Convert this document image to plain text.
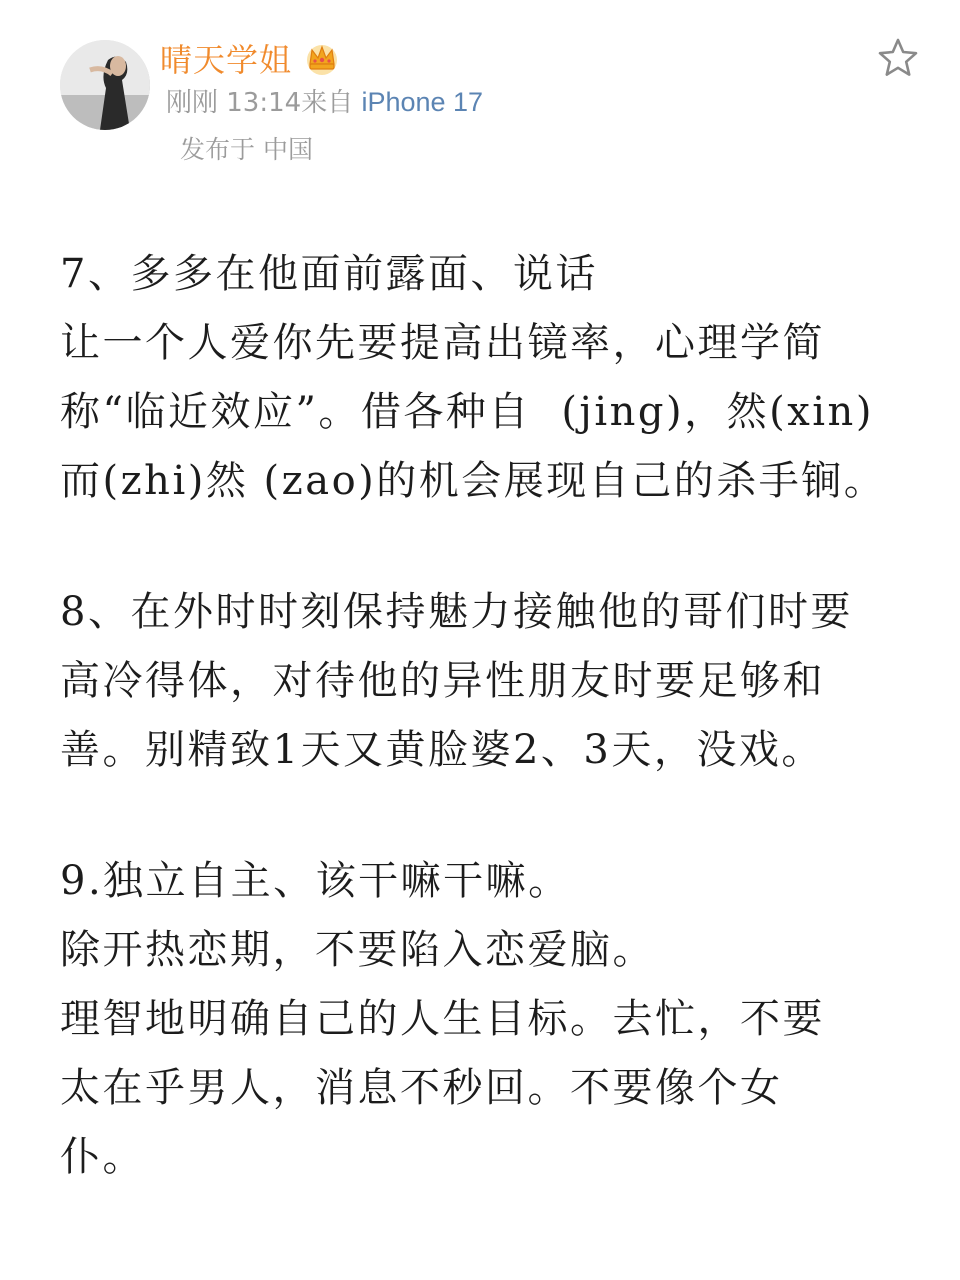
晴天学姐
刚刚 13:14来自 iPhone 17
发布于 中国

7、多多在他面前露面、说话

让一个人爱你先要提高出镜率，心理学简

称“临近效应”。借各种自  (jing)，然(xin)

而(zhi)然 (zao)的机会展现自己的杀手锏。

8、在外时时刻保持魅力接触他的哥们时要

高冷得体，对待他的异性朋友时要足够和

善。别精致1天又黄脸婆2、3天，没戏。

9.独立自主、该干嘛干嘛。

除开热恋期，不要陷入恋爱脑。

理智地明确自己的人生目标。去忙，不要

太在乎男人，消息不秒回。不要像个女

仆。
